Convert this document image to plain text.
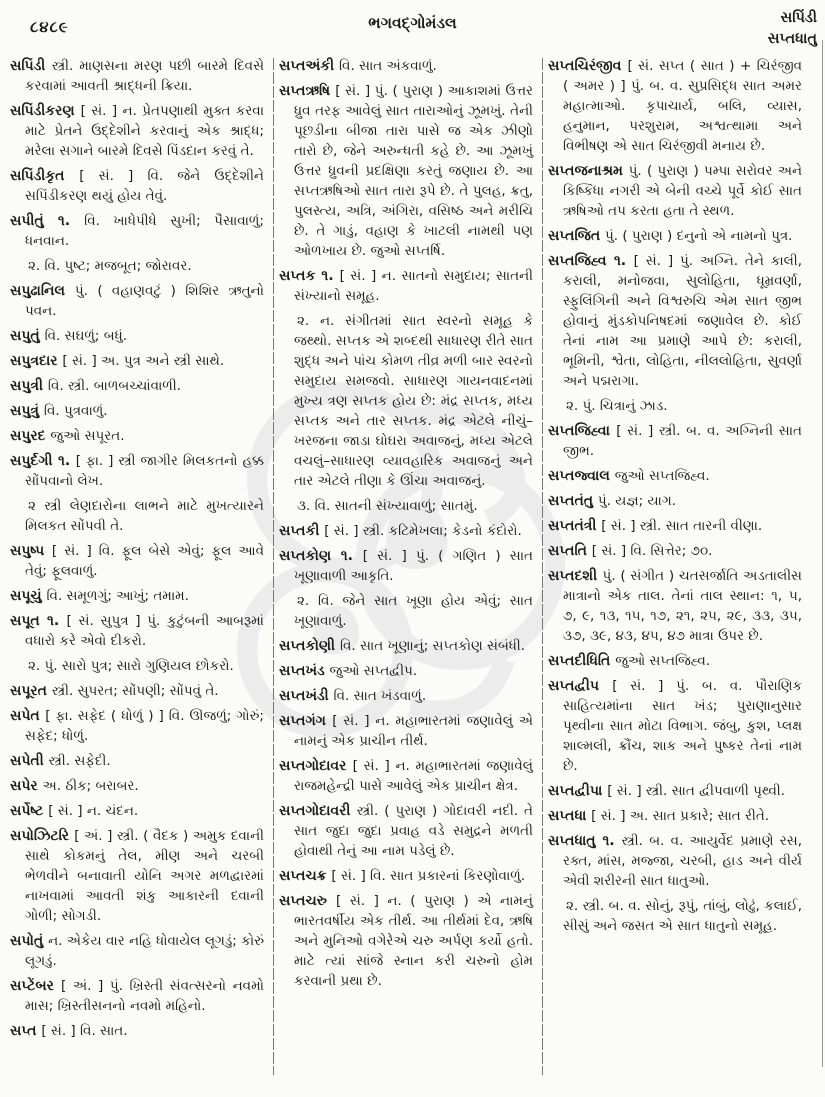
૮૪૮૯	ભગવદ્ગોમંડલ	સપિંડી
સપ્તધાતુ

સપિંડી સ્ત્રી. માણસના મરણ પછી બારમે દિવસે કરવામાં આવતી શ્રાદ્ધની ક્રિયા.

સપિંડીકરણ [ સં. ] ન. પ્રેતપણાથી મુક્ત કરવા માટે પ્રેતને ઉદ્દેશીને કરવાનું એક શ્રાદ્ધ; મરેલા સગાને બારમે દિવસે પિંડદાન કરવું તે.

સપિંડીકૃત [ સં. ] વિ. જેને ઉદ્દેશીને સપિંડીકરણ થયું હોય તેવું.

સપીતું ૧. વિ. ખાધેપીધે સુખી; પૈસાવાળું; ધનવાન.

૨. વિ. પુષ્ટ; મજબૂત; જોરાવર.

સપુઢાનિલ પું. ( વહાણવટું ) શિશિર ઋતુનો પવન.

સપુતું વિ. સઘળું; બધું.

સપુત્રદાર [ સં. ] અ. પુત્ર અને સ્ત્રી સાથે.

સપુત્રી વિ. સ્ત્રી. બાળબચ્ચાંવાળી.

સપુત્રું વિ. પુત્રવાળું.

સપુરદ જુઓ સપૂરત.

સપુર્દગી ૧. [ ફા. ] સ્ત્રી જાગીર મિલકતનો હક્ક સોંપવાનો લેખ.

૨ સ્ત્રી લેણદારોના લાભને માટે મુખત્યારને મિલકત સોંપવી તે.

સપુષ્પ [ સં. ] વિ. ફૂલ બેસે એવું; ફૂલ આવે તેવું; ફૂલવાળું.

સપૂચું વિ. સમૂળગું; આખું; તમામ.

સપૂત ૧. [ સં. સુપુત્ર ] પું. કુટુંબની આબરૂમાં વધારો કરે એવો દીકરો.

૨. પું. સારો પુત્ર; સારો ગુણિયલ છોકરો.

સપૂરત સ્ત્રી. સુપરત; સોંપણી; સોંપવું તે.

સપેત [ ફા. સફેદ ( ધોળું ) ] વિ. ઊજળું; ગોરું; સફેદ; ધોળું.

સપેતી સ્ત્રી. સફેદી.

સપેર અ. ઠીક; બરાબર.

સર્પેષ્ટ [ સં. ] ન. ચંદન.

સપોઝિટરિ [ અં. ] સ્ત્રી. ( વૈદક ) અમુક દવાની સાથે કોકમનું તેલ, મીણ અને ચરબી ભેળવીને બનાવાતી યોનિ અગર મળદ્વારમાં નાખવામાં આવતી શંકુ આકારની દવાની ગોળી; સોગડી.

સપોતું ન. એકેય વાર નહિ ધોવાયેલ લૂગડું; કોરું લૂગડું.

સપ્ટેંબર [ અં. ] પું. ખ્રિસ્તી સંવત્સરનો નવમો માસ; ખ્રિસ્તીસનનો નવમો મહિનો.

સપ્ત [ સં. ] વિ. સાત.

સપ્તઅંકી વિ. સાત અંકવાળું.

સપ્તઋષિ [ સં. ] પું. ( પુરાણ ) આકાશમાં ઉત્તર ધ્રુવ તરફ આવેલું સાત તારાઓનું ઝૂમખું. તેની પૂછડીના બીજા તારા પાસે જ એક ઝીણો તારો છે, જેને અરુન્ધતી કહે છે. આ ઝૂમખું ઉત્તર ધ્રુવની પ્રદક્ષિણા કરતું જણાય છે. આ સપ્તઋષિઓ સાત તારા રૂપે છે. તે પુલહ, ક્રતુ, પુલસ્ત્ય, અત્રિ, અંગિરા, વસિષ્ઠ અને મરીચિ છે. તે ગાડું, વહાણ કે ખાટલી નામથી પણ ઓળખાય છે. જુઓ સપ્તર્ષિ.

સપ્તક ૧. [ સં. ] ન. સાતનો સમુદાય; સાતની સંખ્યાનો સમૂહ.

૨. ન. સંગીતમાં સાત સ્વરનો સમૂહ કે જથ્થો. સપ્તક એ શબ્દથી સાધારણ રીતે સાત શુદ્ધ અને પાંચ કોમળ તીવ્ર મળી બાર સ્વરનો સમુદાય સમજવો. સાધારણ ગાયનવાદનમાં મુખ્ય ત્રણ સપ્તક હોય છે: મંદ્ર સપ્તક, મધ્ય સપ્તક અને તાર સપ્તક. મંદ્ર એટલે નીચું–ખરજના જાડા ઘોઘરા અવાજનું, મધ્ય એટલે વચલું–સાધારણ વ્યાવહારિક અવાજનું અને તાર એટલે તીણા કે ઊંચા અવાજનું.

૩. વિ. સાતની સંખ્યાવાળું; સાતમું.

સપ્તકી [ સં. ] સ્ત્રી. કટિમેખલા; કેડનો કંદોરો.

સપ્તકોણ ૧. [ સં. ] પું. ( ગણિત ) સાત ખૂણાવાળી આકૃતિ.

૨. વિ. જેને સાત ખૂણા હોય એવું; સાત ખૂણાવાળું.

સપ્તકોણી વિ. સાત ખૂણાનું; સપ્તકોણ સંબંધી.

સપ્તખંડ જુઓ સપ્તદ્વીપ.

સપ્તખંડી વિ. સાત ખંડવાળું.

સપ્તગંગ [ સં. ] ન. મહાભારતમાં જણાવેલું એ નામનું એક પ્રાચીન તીર્થ.

સપ્તગોદાવર [ સં. ] ન. મહાભારતમાં જણાવેલું રાજમહેન્દ્રી પાસે આવેલું એક પ્રાચીન ક્ષેત્ર.

સપ્તગોદાવરી સ્ત્રી. ( પુરાણ ) ગોદાવરી નદી. તે સાત જુદા જુદા પ્રવાહ વડે સમુદ્રને મળતી હોવાથી તેનું આ નામ પડેલું છે.

સપ્તચક્ર [ સં. ] વિ. સાત પ્રકારનાં કિરણોવાળું.

સપ્તચરુ [ સં. ] ન. ( પુરાણ ) એ નામનું ભારતવર્ષીય એક તીર્થ. આ તીર્થમાં દેવ, ઋષિ અને મુનિઓ વગેરેએ ચરુ અર્પણ કર્યો હતો. માટે ત્યાં સાંજે સ્નાન કરી ચરુનો હોમ કરવાની પ્રથા છે.

સપ્તચિરંજીવ [ સં. સપ્ત ( સાત ) + ચિરંજીવ ( અમર ) ] પું. બ. વ. સુપ્રસિદ્ધ સાત અમર મહાત્માઓ. કૃપાચાર્ય, બલિ, વ્યાસ, હનુમાન, પરશુરામ, અશ્વત્થામા અને વિભીષણ એ સાત ચિરંજીવી મનાય છે.

સપ્તજનાશ્રમ પું. ( પુરાણ ) પમ્પા સરોવર અને કિષ્કિંધા નગરી એ બેની વચ્ચે પૂર્વે કોઈ સાત ઋષિઓ તપ કરતા હતા તે સ્થળ.

સપ્તજિત પું. ( પુરાણ ) દનુનો એ નામનો પુત્ર.

સપ્તજિહ્વ ૧. [ સં. ] પું. અગ્નિ. તેને કાલી, કરાલી, મનોજવા, સુલોહિતા, ધૂમ્રવર્ણા, સ્ફુલિંગિની અને વિશ્વરુચિ એમ સાત જીભ હોવાનું મુંડકોપનિષદમાં જણાવેલ છે. કોઈ તેનાં નામ આ પ્રમાણે આપે છે: કરાલી, ભૂમિની, શ્વેતા, લોહિતા, નીલલોહિતા, સુવર્ણા અને પદ્મરાગા.

૨. પું. ચિત્રાનું ઝાડ.

સપ્તજિહ્વા [ સં. ] સ્ત્રી. બ. વ. અગ્નિની સાત જીભ.

સપ્તજ્વાલ જુઓ સપ્તજિહ્વ.

સપ્તતંતુ પું. યજ્ઞ; યાગ.

સપ્તતંત્રી [ સં. ] સ્ત્રી. સાત તારની વીણા.

સપ્તતિ [ સં. ] વિ. સિત્તેર; ૭૦.

સપ્તદશી પું. ( સંગીત ) ચતસર્જાતિ અડતાલીસ માત્રાનો એક તાલ. તેનાં તાલ સ્થાન: ૧, ૫, ૭, ૯, ૧૩, ૧૫, ૧૭, ૨૧, ૨૫, ૨૯, ૩૩, ૩૫, ૩૭, ૩૯, ૪૩, ૪૫, ૪૭ માત્રા ઉપર છે.

સપ્તદીધિતિ જુઓ સપ્તજિહ્વ.

સપ્તદ્વીપ [ સં. ] પું. બ. વ. પૌરાણિક સાહિત્યમાંના સાત ખંડ; પુરાણાનુસાર પૃથ્વીના સાત મોટા વિભાગ. જંબુ, કુશ, પ્લક્ષ શાલ્મલી, ક્રૌંચ, શાક અને પુષ્કર તેનાં નામ છે.

સપ્તદ્વીપા [ સં. ] સ્ત્રી. સાત દ્વીપવાળી પૃથ્વી.

સપ્તધા [ સં. ] અ. સાત પ્રકારે; સાત રીતે.

સપ્તધાતુ ૧. સ્ત્રી. બ. વ. આયુર્વેદ પ્રમાણે રસ, રક્ત, માંસ, મજ્જા, ચરબી, હાડ અને વીર્ય એવી શરીરની સાત ધાતુઓ.

૨. સ્ત્રી. બ. વ. સોનું, રૂપું, તાંબું, લોઢું, કલાઈ, સીસું અને જસત એ સાત ધાતુનો સમૂહ.
